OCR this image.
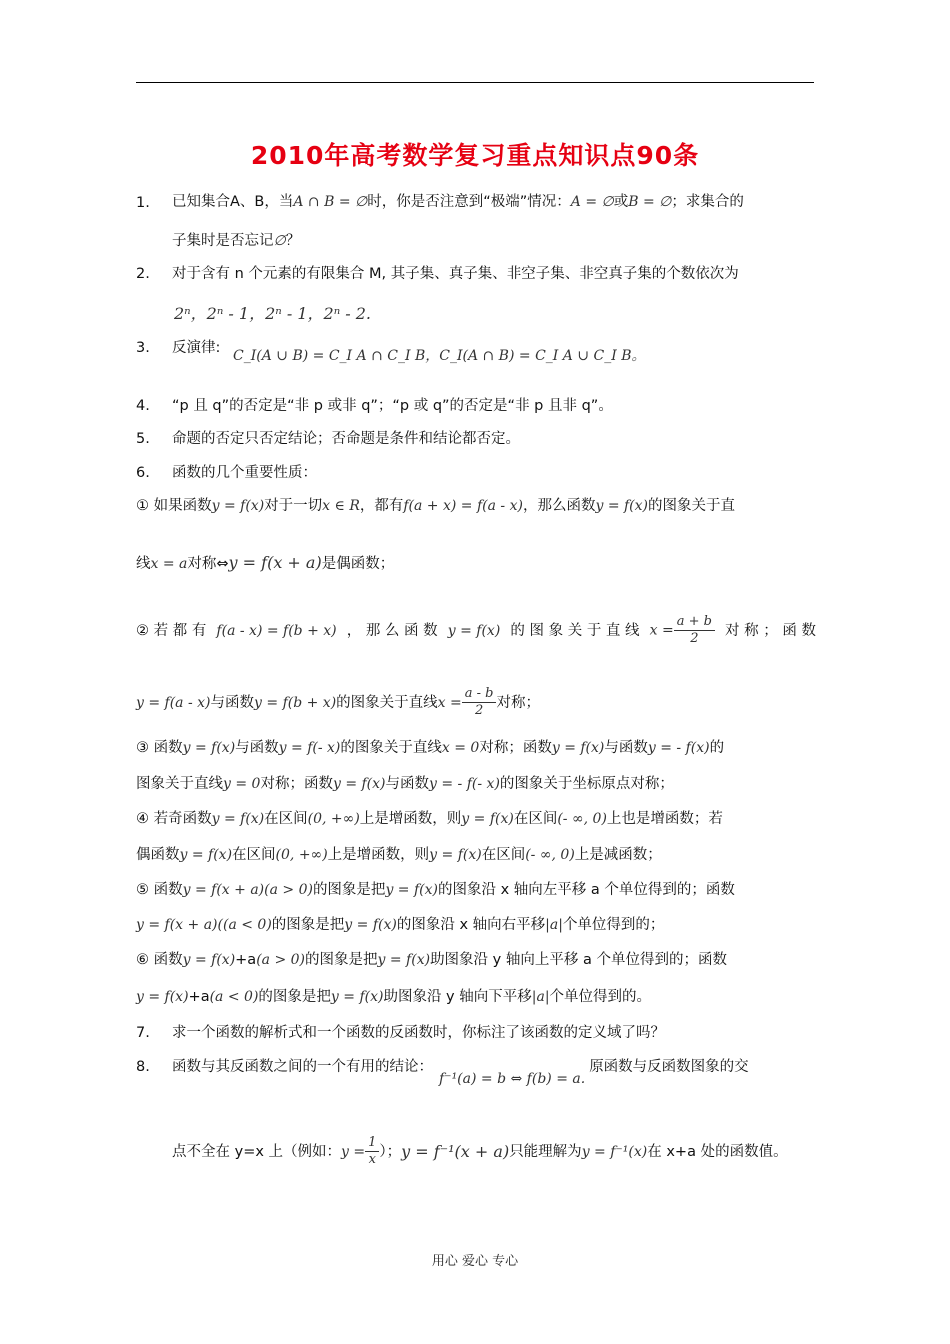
2010年高考数学复习重点知识点90条
1. 已知集合A、B，当A ∩ B = ∅时，你是否注意到“极端”情况：A = ∅或B = ∅；求集合的
子集时是否忘记∅？
2. 对于含有 n 个元素的有限集合 M, 其子集、真子集、非空子集、非空真子集的个数依次为
2ⁿ，2ⁿ - 1，2ⁿ - 1，2ⁿ - 2.
3. 反演律: C_I(A ∪ B) = C_I A ∩ C_I B，C_I(A ∩ B) = C_I A ∪ C_I B。
4. “p 且 q”的否定是“非 p 或非 q”；“p 或 q”的否定是“非 p 且非 q”。
5. 命题的否定只否定结论；否命题是条件和结论都否定。
6. 函数的几个重要性质：
① 如果函数y = f(x)对于一切x ∈ R，都有f(a + x) = f(a - x)，那么函数y = f(x)的图象关于直
线x = a对称⇔y = f(x + a)是偶函数；
② 若 都 有 f(a - x) = f(b + x) ， 那 么 函 数 y = f(x) 的 图 象 关 于 直 线 $x = \frac{a + b}{2}$ 对 称 ； 函 数
y = f(a - x) 与函数 y = f(b + x) 的图象关于直线 $x = \frac{a - b}{2}$ 对称；
③ 函数y = f(x)与函数y = f(- x)的图象关于直线x = 0对称；函数y = f(x)与函数y = - f(x)的
图象关于直线y = 0对称；函数y = f(x)与函数y = - f(- x)的图象关于坐标原点对称；
④ 若奇函数y = f(x)在区间(0, +∞)上是增函数，则y = f(x)在区间(- ∞, 0)上也是增函数；若
偶函数y = f(x)在区间(0, +∞)上是增函数，则y = f(x)在区间(- ∞, 0)上是减函数；
⑤ 函数y = f(x + a)(a > 0)的图象是把y = f(x)的图象沿 x 轴向左平移 a 个单位得到的；函数
y = f(x + a)((a < 0)的图象是把y = f(x)的图象沿 x 轴向右平移|a|个单位得到的；
⑥ 函数y = f(x)+a(a > 0)的图象是把y = f(x)助图象沿 y 轴向上平移 a 个单位得到的；函数
y = f(x)+a(a < 0)的图象是把y = f(x)助图象沿 y 轴向下平移|a|个单位得到的。
7. 求一个函数的解析式和一个函数的反函数时，你标注了该函数的定义域了吗？
8. 函数与其反函数之间的一个有用的结论：f⁻¹(a) = b ⇔ f(b) = a.原函数与反函数图象的交
点不全在 y=x 上（例如： $y = \frac{1}{x}$ ）； y = f⁻¹(x + a) 只能理解为 y = f⁻¹(x) 在 x+a 处的函数值。
用心 爱心 专心
